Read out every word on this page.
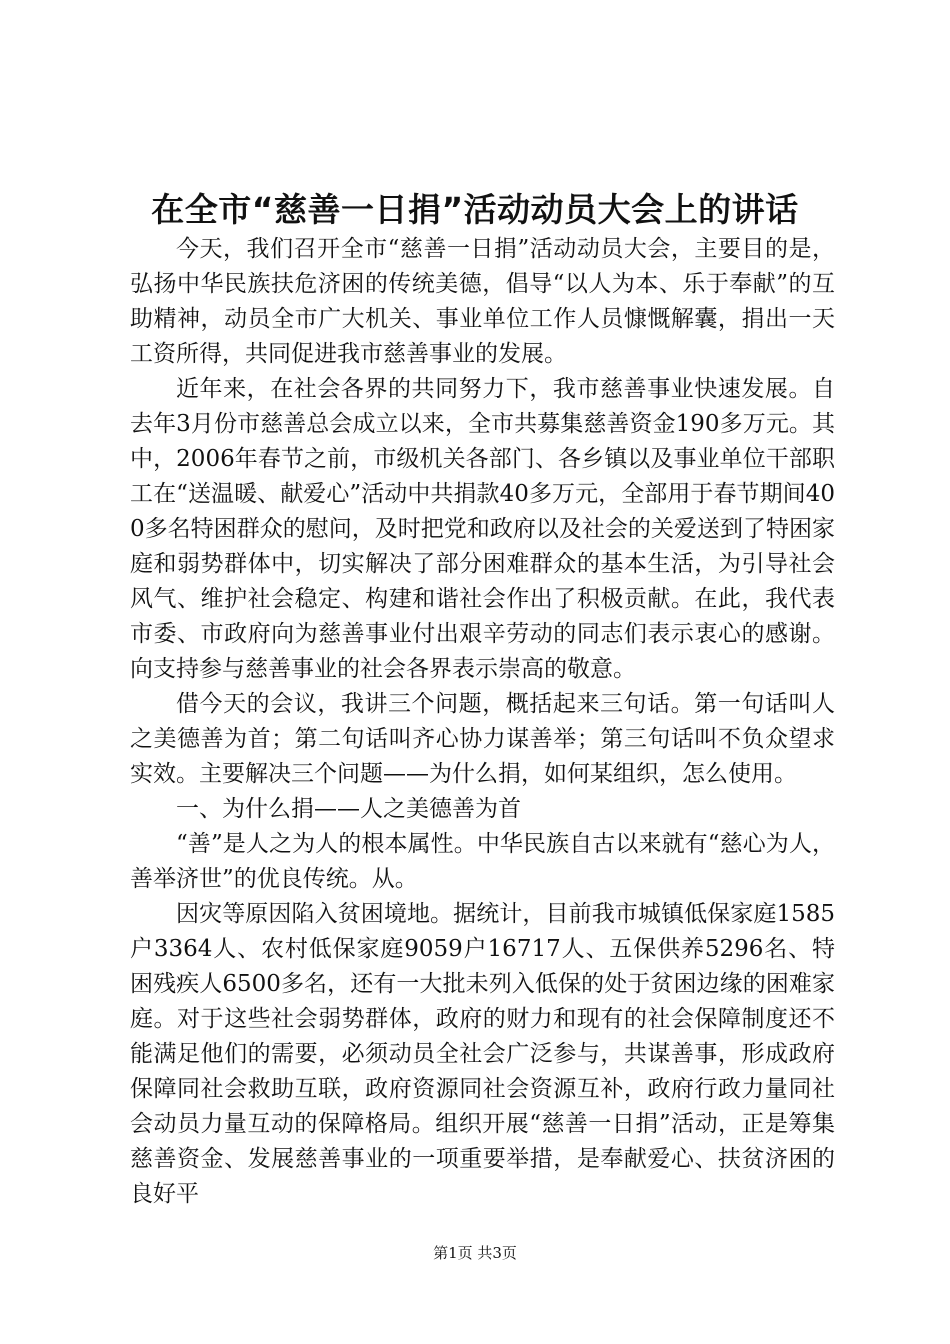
在全市“慈善一日捐”活动动员大会上的讲话

今天，我们召开全市“慈善一日捐”活动动员大会，主要目的是，弘扬中华民族扶危济困的传统美德，倡导“以人为本、乐于奉献”的互助精神，动员全市广大机关、事业单位工作人员慷慨解囊，捐出一天工资所得，共同促进我市慈善事业的发展。

近年来，在社会各界的共同努力下，我市慈善事业快速发展。自去年3月份市慈善总会成立以来，全市共募集慈善资金190多万元。其中，2006年春节之前，市级机关各部门、各乡镇以及事业单位干部职工在“送温暖、献爱心”活动中共捐款40多万元，全部用于春节期间400多名特困群众的慰问，及时把党和政府以及社会的关爱送到了特困家庭和弱势群体中，切实解决了部分困难群众的基本生活，为引导社会风气、维护社会稳定、构建和谐社会作出了积极贡献。在此，我代表市委、市政府向为慈善事业付出艰辛劳动的同志们表示衷心的感谢。向支持参与慈善事业的社会各界表示崇高的敬意。

借今天的会议，我讲三个问题，概括起来三句话。第一句话叫人之美德善为首；第二句话叫齐心协力谋善举；第三句话叫不负众望求实效。主要解决三个问题——为什么捐，如何某组织，怎么使用。

一、为什么捐——人之美德善为首

“善”是人之为人的根本属性。中华民族自古以来就有“慈心为人，善举济世”的优良传统。从。

因灾等原因陷入贫困境地。据统计，目前我市城镇低保家庭1585户3364人、农村低保家庭9059户16717人、五保供养5296名、特困残疾人6500多名，还有一大批未列入低保的处于贫困边缘的困难家庭。对于这些社会弱势群体，政府的财力和现有的社会保障制度还不能满足他们的需要，必须动员全社会广泛参与，共谋善事，形成政府保障同社会救助互联，政府资源同社会资源互补，政府行政力量同社会动员力量互动的保障格局。组织开展“慈善一日捐”活动，正是筹集慈善资金、发展慈善事业的一项重要举措，是奉献爱心、扶贫济困的良好平

第1页 共3页
